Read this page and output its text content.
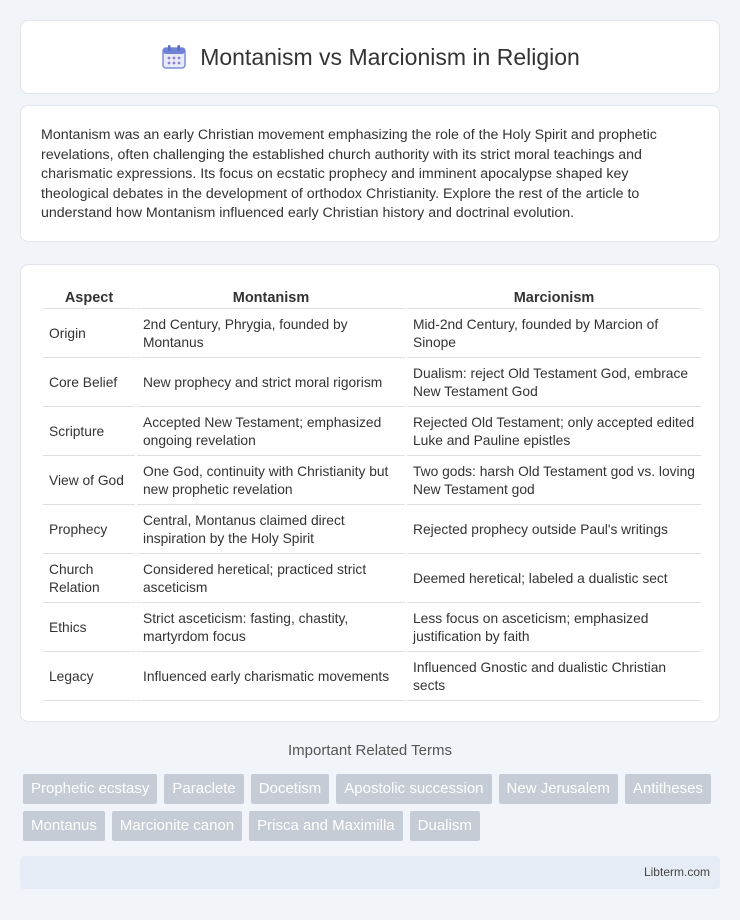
Montanism vs Marcionism in Religion

Montanism was an early Christian movement emphasizing the role of the Holy Spirit and prophetic revelations, often challenging the established church authority with its strict moral teachings and charismatic expressions. Its focus on ecstatic prophecy and imminent apocalypse shaped key theological debates in the development of orthodox Christianity. Explore the rest of the article to understand how Montanism influenced early Christian history and doctrinal evolution.

Aspect	Montanism	Marcionism
Origin	2nd Century, Phrygia, founded by Montanus	Mid-2nd Century, founded by Marcion of Sinope
Core Belief	New prophecy and strict moral rigorism	Dualism: reject Old Testament God, embrace New Testament God
Scripture	Accepted New Testament; emphasized ongoing revelation	Rejected Old Testament; only accepted edited Luke and Pauline epistles
View of God	One God, continuity with Christianity but new prophetic revelation	Two gods: harsh Old Testament god vs. loving New Testament god
Prophecy	Central, Montanus claimed direct inspiration by the Holy Spirit	Rejected prophecy outside Paul's writings
Church Relation	Considered heretical; practiced strict asceticism	Deemed heretical; labeled a dualistic sect
Ethics	Strict asceticism: fasting, chastity, martyrdom focus	Less focus on asceticism; emphasized justification by faith
Legacy	Influenced early charismatic movements	Influenced Gnostic and dualistic Christian sects
Important Related Terms
Prophetic ecstasy	Paraclete	Docetism	Apostolic succession	New Jerusalem	Antitheses
Montanus	Marcionite canon	Prisca and Maximilla	Dualism
Libterm.com
